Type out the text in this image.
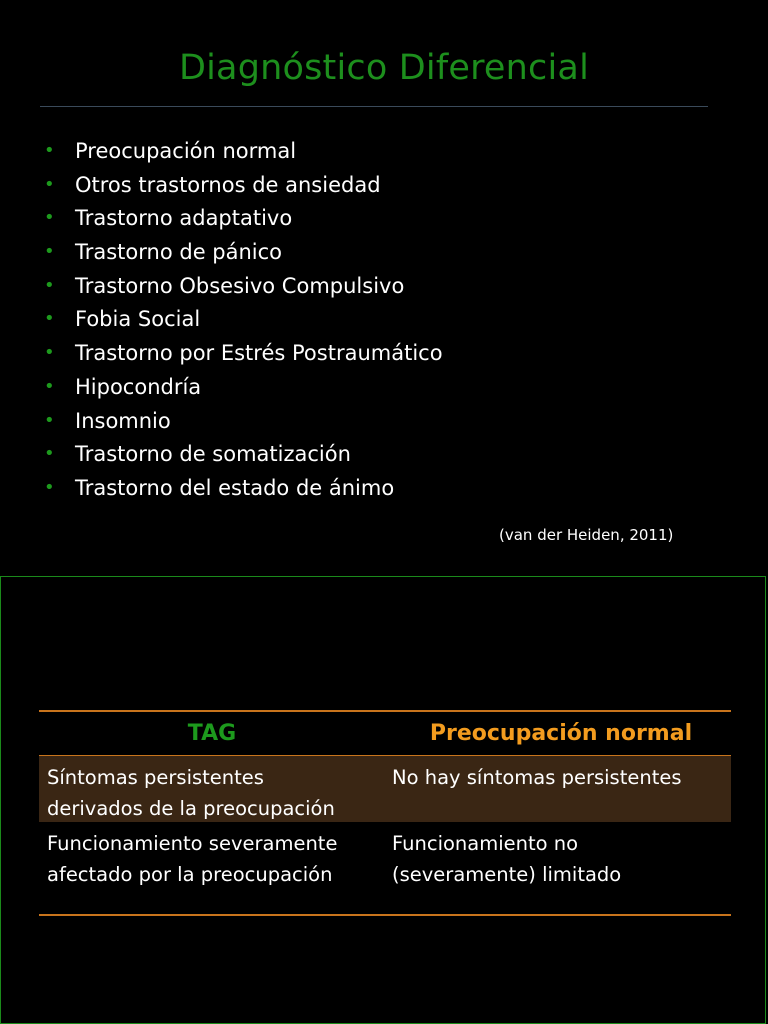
Diagnóstico Diferencial
• Preocupación normal
• Otros trastornos de ansiedad
• Trastorno adaptativo
• Trastorno de pánico
• Trastorno Obsesivo Compulsivo
• Fobia Social
• Trastorno por Estrés Postraumático
• Hipocondría
• Insomnio
• Trastorno de somatización
• Trastorno del estado de ánimo
(van der Heiden, 2011)
TAG	Preocupación normal
Síntomas persistentes
derivados de la preocupación
No hay síntomas persistentes
Funcionamiento severamente
afectado por la preocupación
Funcionamiento no
(severamente) limitado
